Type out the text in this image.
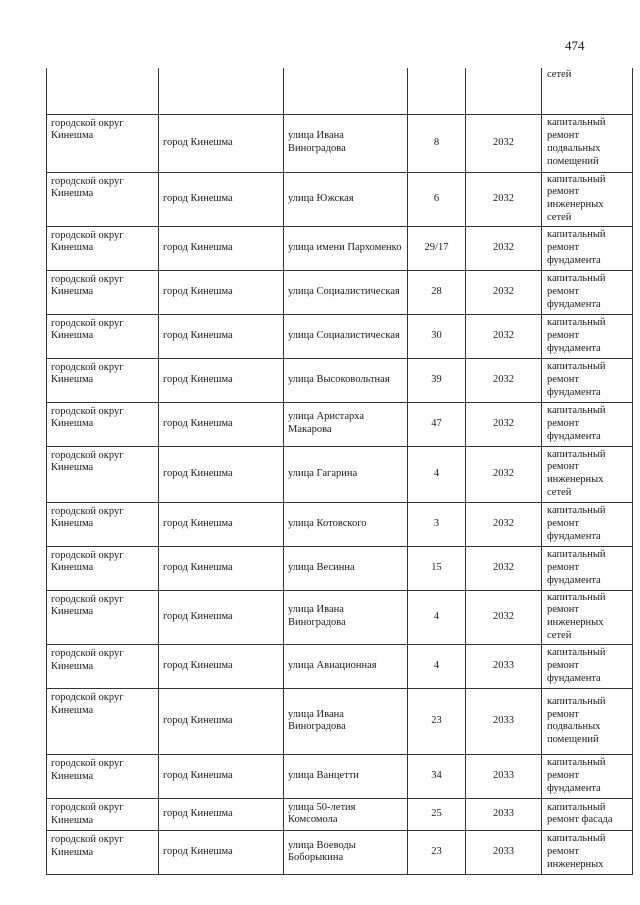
474
					сетей
городской округ Кинешма	город Кинешма	улица Ивана Виноградова	8	2032	капитальный ремонт подвальных помещений
городской округ Кинешма	город Кинешма	улица Южская	6	2032	капитальный ремонт инженерных сетей
городской округ Кинешма	город Кинешма	улица имени Пархоменко	29/17	2032	капитальный ремонт фундамента
городской округ Кинешма	город Кинешма	улица Социалистическая	28	2032	капитальный ремонт фундамента
городской округ Кинешма	город Кинешма	улица Социалистическая	30	2032	капитальный ремонт фундамента
городской округ Кинешма	город Кинешма	улица Высоковольтная	39	2032	капитальный ремонт фундамента
городской округ Кинешма	город Кинешма	улица Аристарха Макарова	47	2032	капитальный ремонт фундамента
городской округ Кинешма	город Кинешма	улица Гагарина	4	2032	капитальный ремонт инженерных сетей
городской округ Кинешма	город Кинешма	улица Котовского	3	2032	капитальный ремонт фундамента
городской округ Кинешма	город Кинешма	улица Весинна	15	2032	капитальный ремонт фундамента
городской округ Кинешма	город Кинешма	улица Ивана Виноградова	4	2032	капитальный ремонт инженерных сетей
городской округ Кинешма	город Кинешма	улица Авиационная	4	2033	капитальный ремонт фундамента
городской округ Кинешма	город Кинешма	улица Ивана Виноградова	23	2033	капитальный ремонт подвальных помещений
городской округ Кинешма	город Кинешма	улица Ванцетти	34	2033	капитальный ремонт фундамента
городской округ Кинешма	город Кинешма	улица 50-летия Комсомола	25	2033	капитальный ремонт фасада
городской округ Кинешма	город Кинешма	улица Воеводы Боборыкина	23	2033	капитальный ремонт инженерных
